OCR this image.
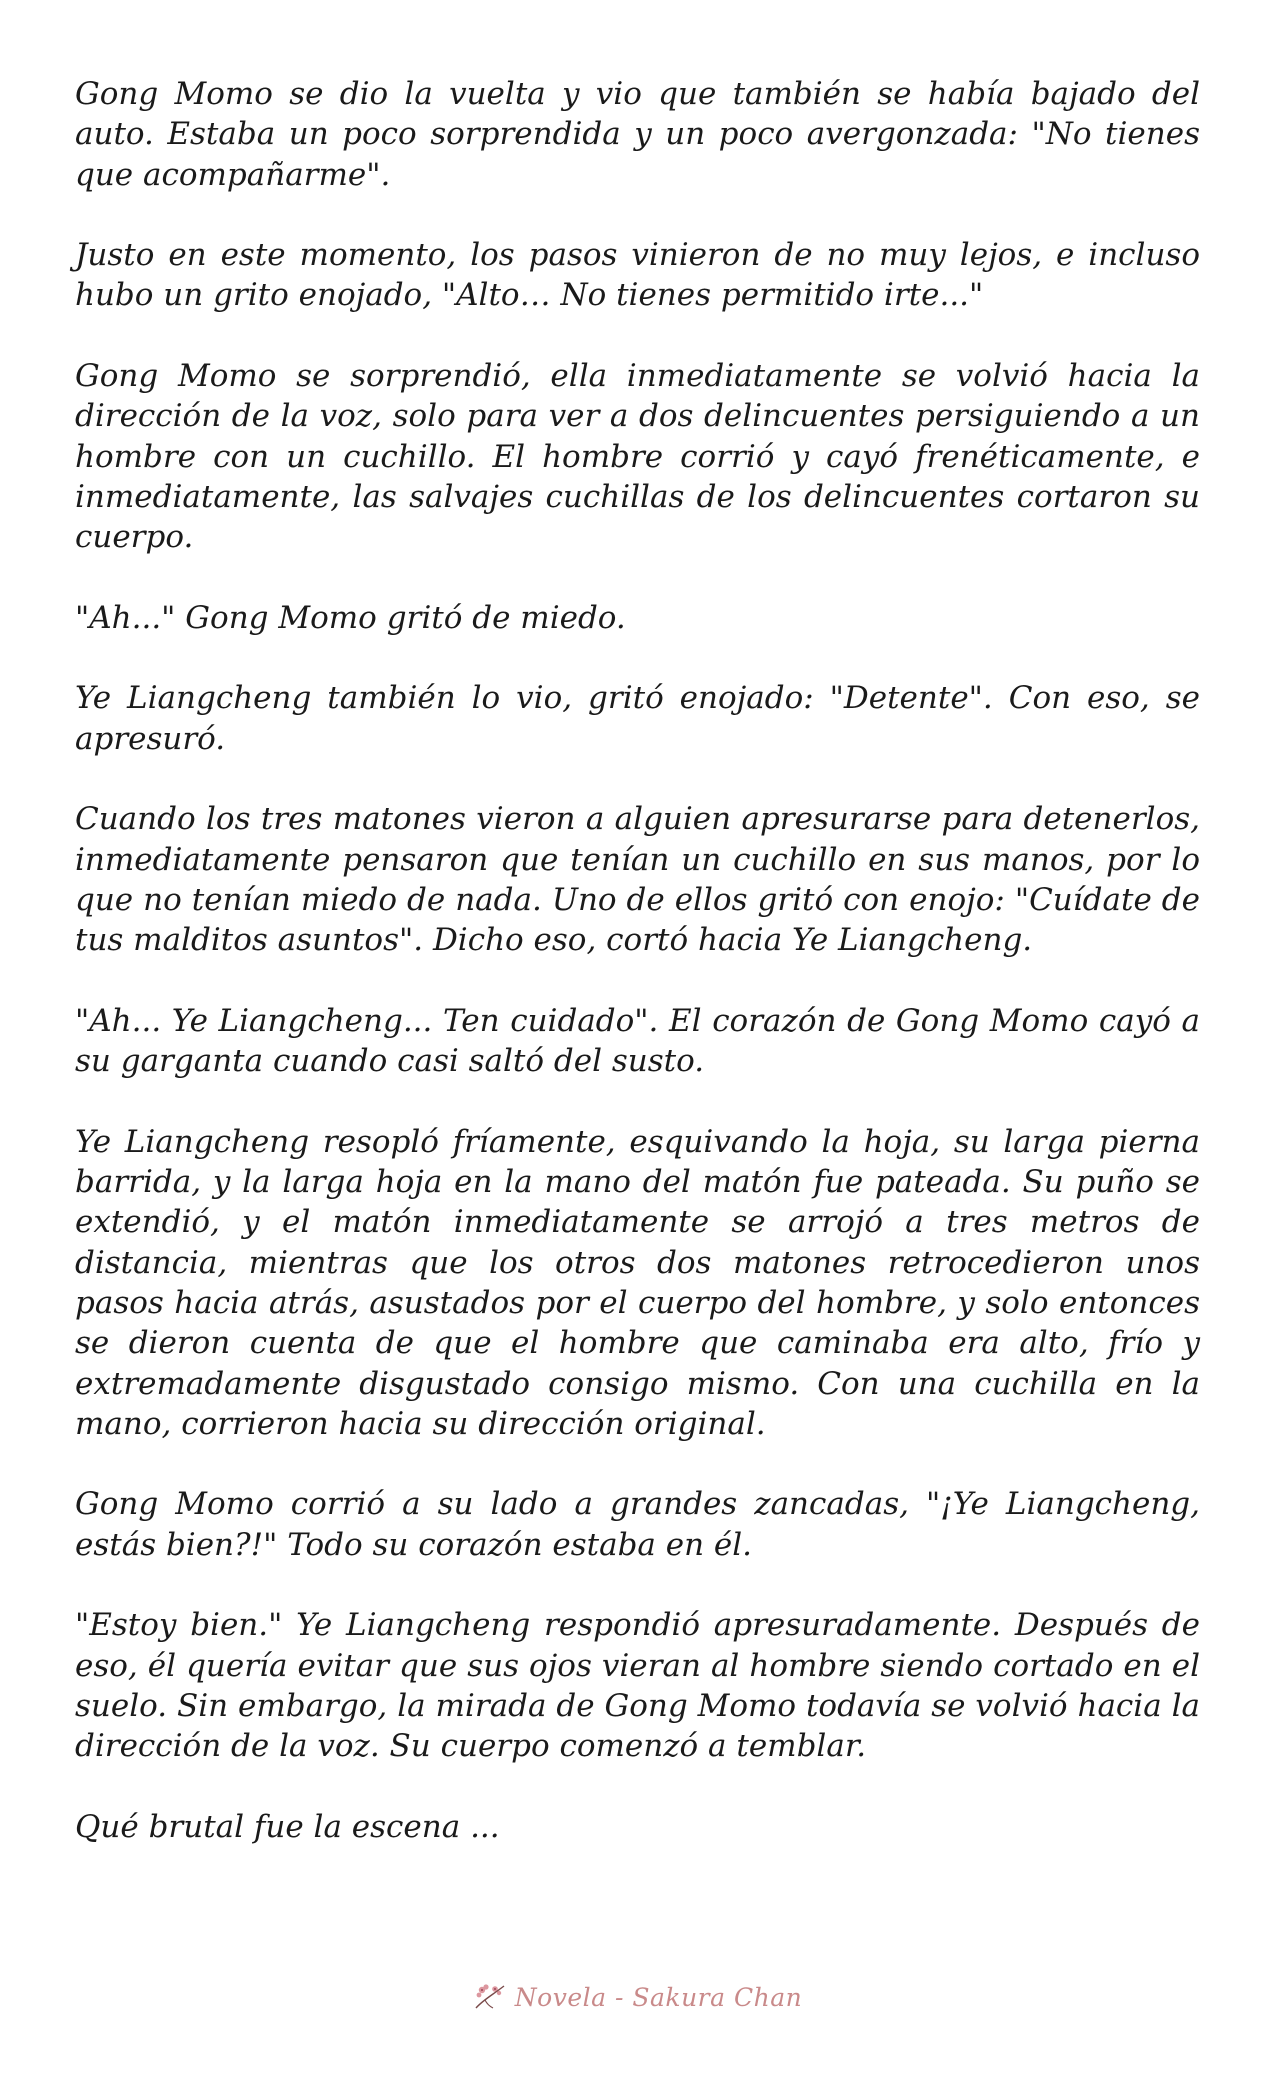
Gong Momo se dio la vuelta y vio que también se había bajado del auto. Estaba un poco sorprendida y un poco avergonzada: "No tienes que acompañarme".

Justo en este momento, los pasos vinieron de no muy lejos, e incluso hubo un grito enojado, "Alto… No tienes permitido irte..."

Gong Momo se sorprendió, ella inmediatamente se volvió hacia la dirección de la voz, solo para ver a dos delincuentes persiguiendo a un hombre con un cuchillo. El hombre corrió y cayó frenéticamente, e inmediatamente, las salvajes cuchillas de los delincuentes cortaron su cuerpo.

"Ah..." Gong Momo gritó de miedo.

Ye Liangcheng también lo vio, gritó enojado: "Detente". Con eso, se apresuró.

Cuando los tres matones vieron a alguien apresurarse para detenerlos, inmediatamente pensaron que tenían un cuchillo en sus manos, por lo que no tenían miedo de nada. Uno de ellos gritó con enojo: "Cuídate de tus malditos asuntos". Dicho eso, cortó hacia Ye Liangcheng.

"Ah... Ye Liangcheng... Ten cuidado". El corazón de Gong Momo cayó a su garganta cuando casi saltó del susto.

Ye Liangcheng resopló fríamente, esquivando la hoja, su larga pierna barrida, y la larga hoja en la mano del matón fue pateada. Su puño se extendió, y el matón inmediatamente se arrojó a tres metros de distancia, mientras que los otros dos matones retrocedieron unos pasos hacia atrás, asustados por el cuerpo del hombre, y solo entonces se dieron cuenta de que el hombre que caminaba era alto, frío y extremadamente disgustado consigo mismo. Con una cuchilla en la mano, corrieron hacia su dirección original.

Gong Momo corrió a su lado a grandes zancadas, "¡Ye Liangcheng, estás bien?!" Todo su corazón estaba en él.

"Estoy bien." Ye Liangcheng respondió apresuradamente. Después de eso, él quería evitar que sus ojos vieran al hombre siendo cortado en el suelo. Sin embargo, la mirada de Gong Momo todavía se volvió hacia la dirección de la voz. Su cuerpo comenzó a temblar.

Qué brutal fue la escena ...

Novela - Sakura Chan
